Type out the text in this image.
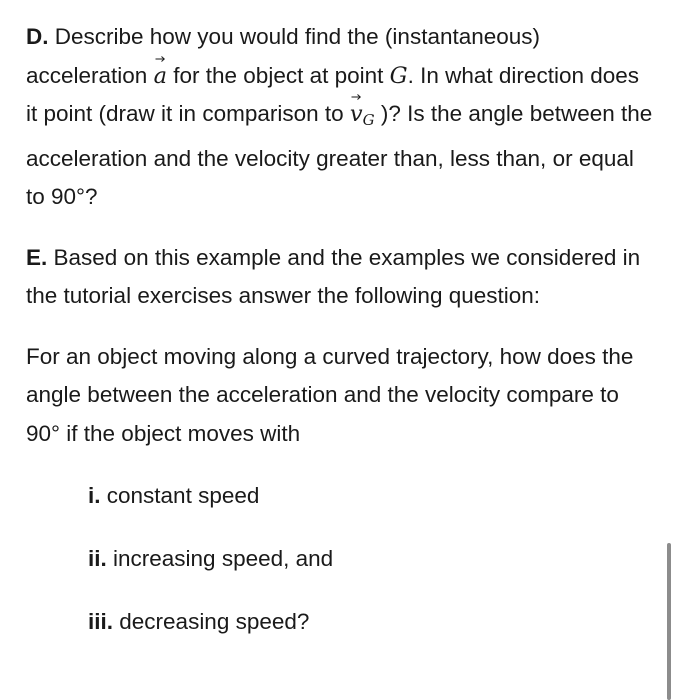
D. Describe how you would find the (instantaneous) acceleration
a for the object at point G. In what direction does it point (draw it in comparison to
vG )? Is the angle between the acceleration and the velocity greater than, less than, or equal to 90°?

E. Based on this example and the examples we considered in the tutorial exercises answer the following question:

For an object moving along a curved trajectory, how does the angle between the acceleration and the velocity compare to 90° if the object moves with

i. constant speed

ii. increasing speed, and

iii. decreasing speed?
